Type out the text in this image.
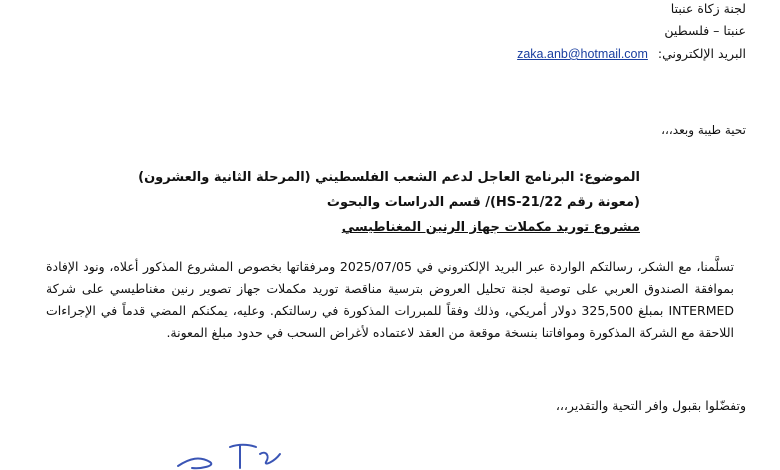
لجنة زكاة عنبتا
عنبتا – فلسطين
البريد الإلكتروني: zaka.anb@hotmail.com
تحية طيبة وبعد،،،
الموضوع: البرنامج العاجل لدعم الشعب الفلسطيني (المرحلة الثانية والعشرون)
(معونة رقم 22/HS-21)/ قسم الدراسات والبحوث
مشروع توريد مكملات جهاز الرنين المغناطيسي

تسلَّمنا، مع الشكر، رسالتكم الواردة عبر البريد الإلكتروني في 2025/07/05 ومرفقاتها بخصوص المشروع المذكور أعلاه، ونود الإفادة بموافقة الصندوق العربي على توصية لجنة تحليل العروض بترسية مناقصة توريد مكملات جهاز تصوير رنين مغناطيسي على شركة INTERMED بمبلغ 325,500 دولار أمريكي، وذلك وفقاً للمبررات المذكورة في رسالتكم. وعليه، يمكنكم المضي قدماً في الإجراءات اللاحقة مع الشركة المذكورة وموافاتنا بنسخة موقعة من العقد لاعتماده لأغراض السحب في حدود مبلغ المعونة.

وتفضّلوا بقبول وافر التحية والتقدير،،،
